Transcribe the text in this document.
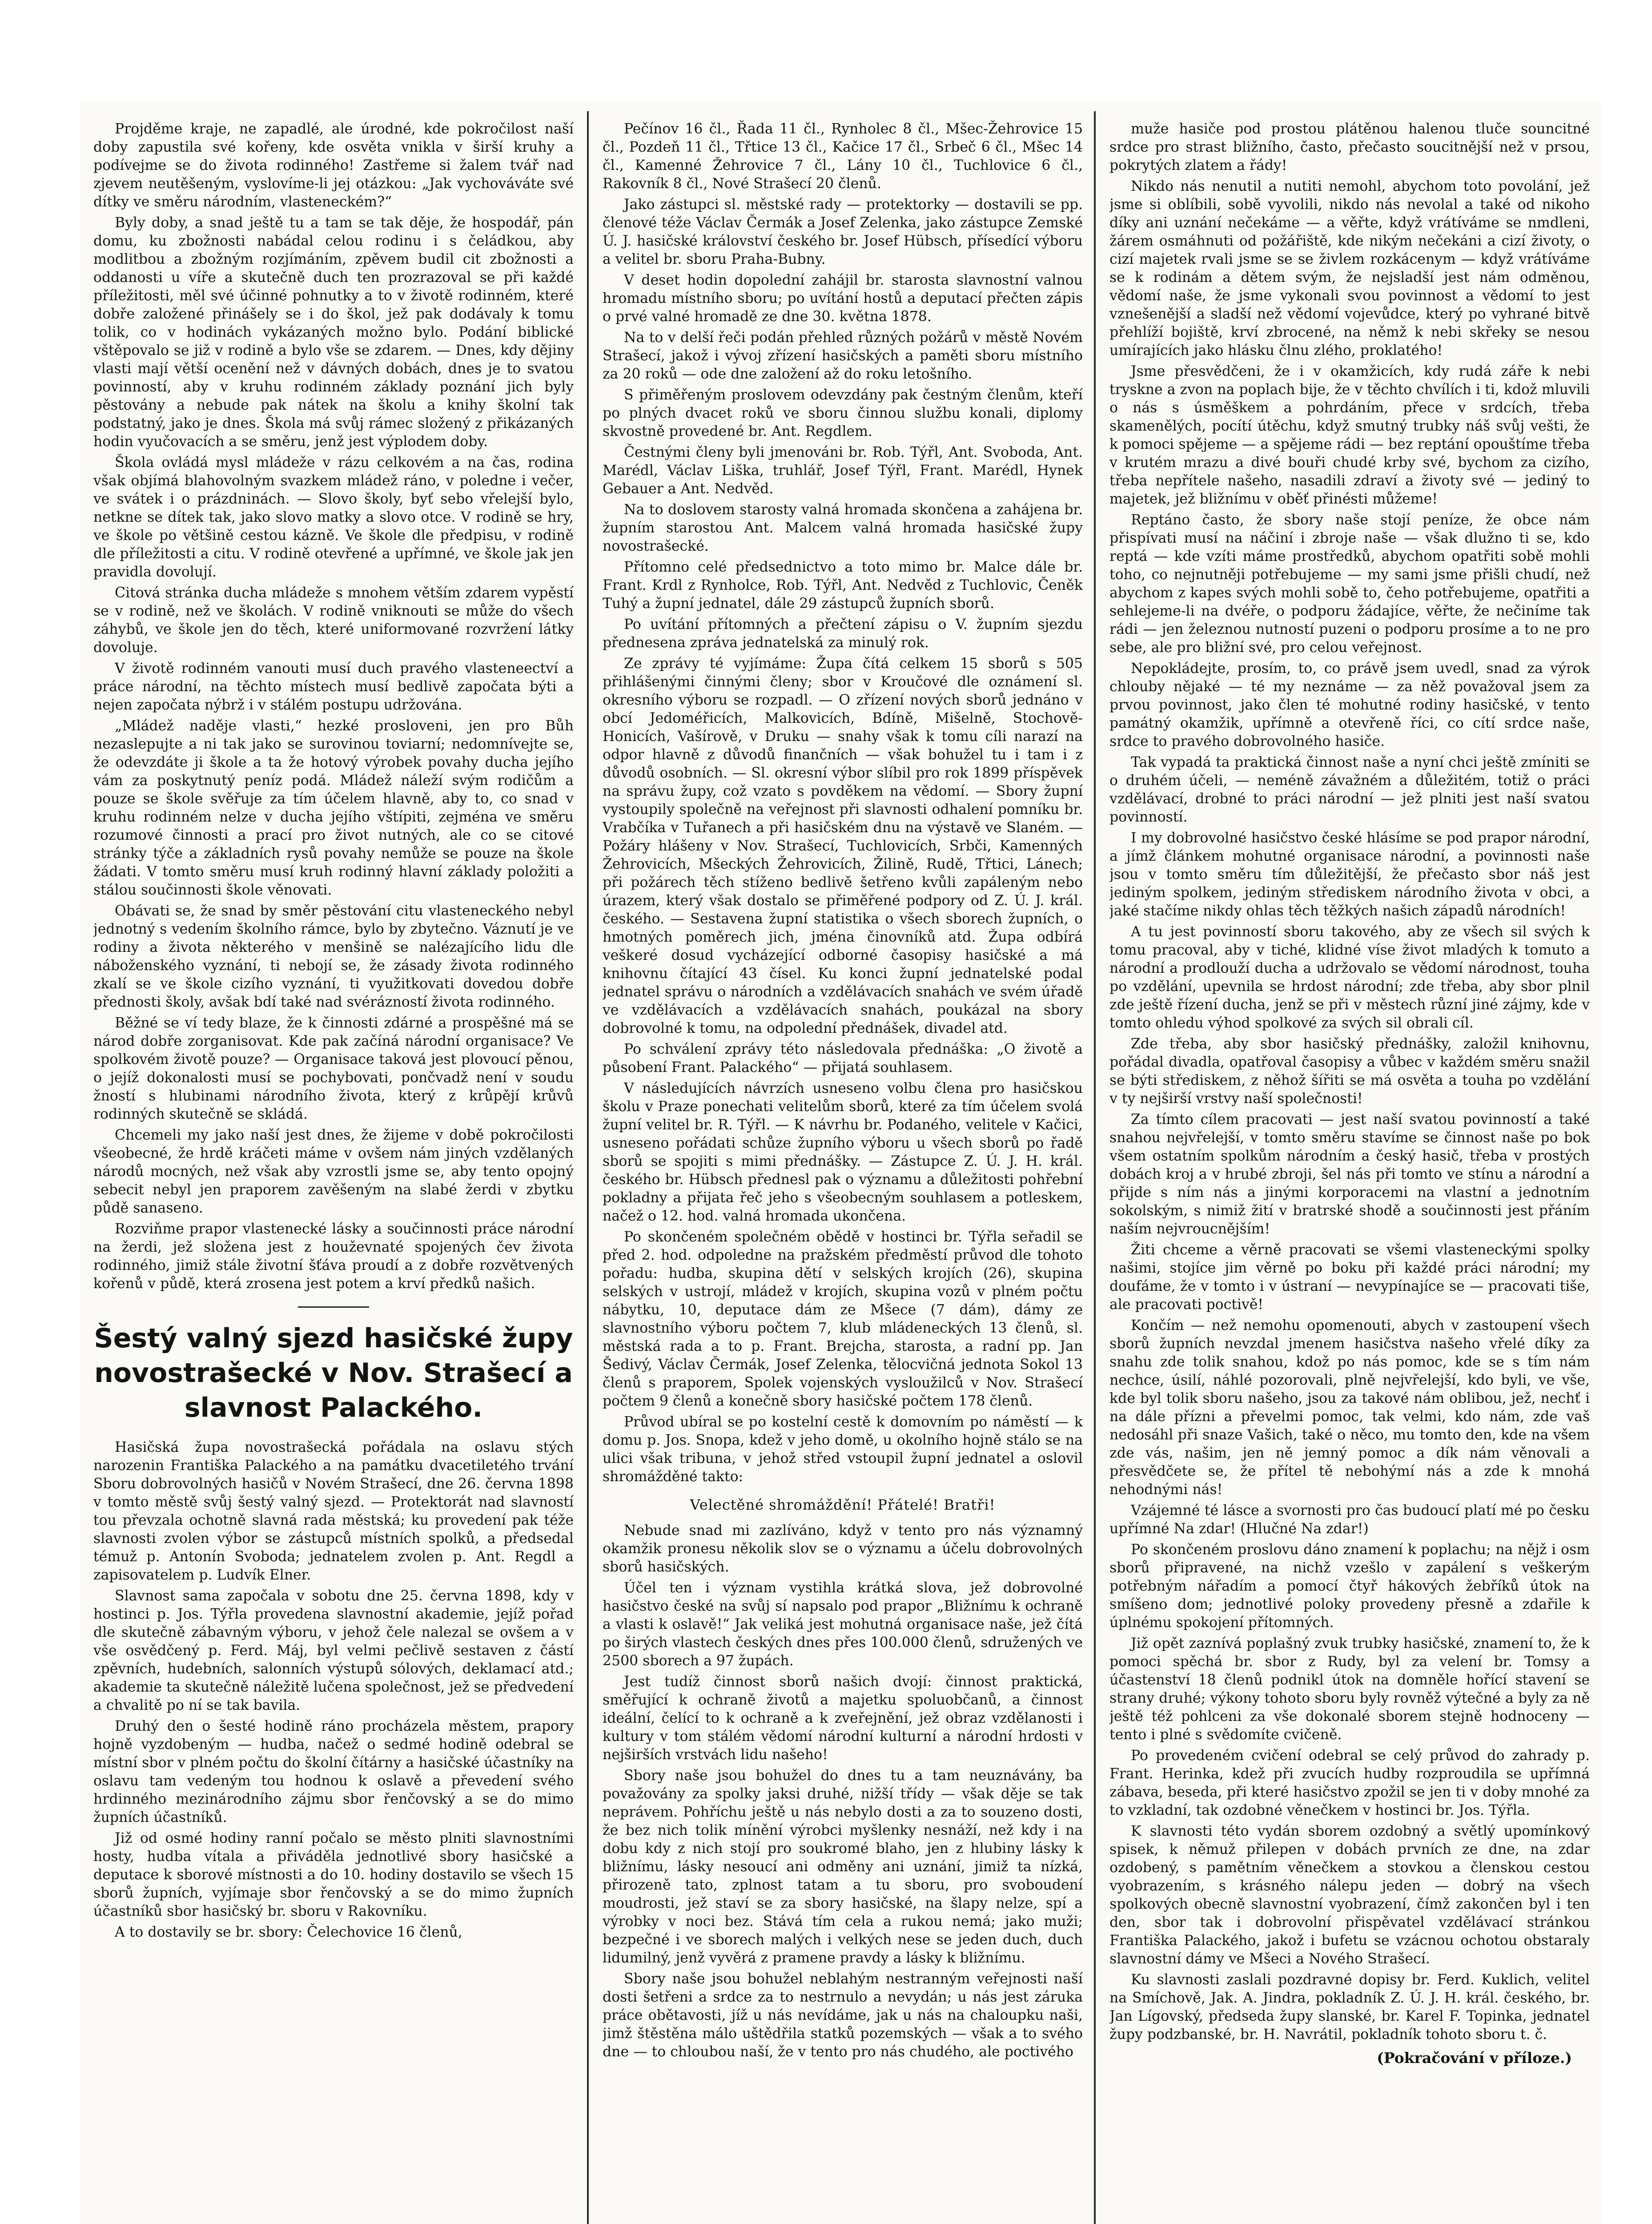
Projděme kraje, ne zapadlé, ale úrodné, kde pokročilost naší doby zapustila své kořeny, kde osvěta vnikla v širší kruhy a podívejme se do života rodinného! Zastřeme si žalem tvář nad zjevem neutěšeným, vyslovíme-li jej otázkou: „Jak vychováváte své dítky ve směru národním, vlasteneckém?“

Byly doby, a snad ještě tu a tam se tak děje, že hospodář, pán domu, ku zbožnosti nabádal celou rodinu i s čeládkou, aby modlitbou a zbožným rozjímáním, zpěvem budil cit zbožnosti a oddanosti u víře a skutečně duch ten prozrazoval se při každé příležitosti, měl své účinné pohnutky a to v životě rodinném, které dobře založené přinášely se i do škol, jež pak dodávaly k tomu tolik, co v hodinách vykázaných možno bylo. Podání biblické vštěpovalo se již v rodině a bylo vše se zdarem. — Dnes, kdy dějiny vlasti mají větší ocenění než v dávných dobách, dnes je to svatou povinností, aby v kruhu rodinném základy poznání jich byly pěstovány a nebude pak nátek na školu a knihy školní tak podstatný, jako je dnes. Škola má svůj rámec složený z přikázaných hodin vyučovacích a se směru, jenž jest výplodem doby.

Škola ovládá mysl mládeže v rázu celkovém a na čas, rodina však objímá blahovolným svazkem mládež ráno, v poledne i večer, ve svátek i o prázdninách. — Slovo školy, byť sebo vřelejší bylo, netkne se dítek tak, jako slovo matky a slovo otce. V rodině se hry, ve škole po většině cestou kázně. Ve škole dle předpisu, v rodině dle příležitosti a citu. V rodině otevřené a upřímné, ve škole jak jen pravidla dovolují.

Citová stránka ducha mládeže s mnohem větším zdarem vypěstí se v rodině, než ve školách. V rodině vniknouti se může do všech záhybů, ve škole jen do těch, které uniformované rozvržení látky dovoluje.

V životě rodinném vanouti musí duch pravého vlasteneectví a práce národní, na těchto místech musí bedlivě započata býti a nejen započata nýbrž i v stálém postupu udržována.

„Mládež naděje vlasti,“ hezké prosloveni, jen pro Bůh nezaslepujte a ni tak jako se surovinou toviarní; nedomnívejte se, že odevzdáte ji škole a ta že hotový výrobek povahy ducha jejího vám za poskytnutý peníz podá. Mládež náleží svým rodičům a pouze se škole svěřuje za tím účelem hlavně, aby to, co snad v kruhu rodinném nelze v ducha jejího vštípiti, zejména ve směru rozumové činnosti a prací pro život nutných, ale co se citové stránky týče a základních rysů povahy nemůže se pouze na škole žádati. V tomto směru musí kruh rodinný hlavní základy položiti a stálou součinnosti škole věnovati.

Obávati se, že snad by směr pěstování citu vlasteneckého nebyl jednotný s vedením školního rámce, bylo by zbytečno. Váznutí je ve rodiny a života některého v menšině se nalézajícího lidu dle náboženského vyznání, ti nebojí se, že zásady života rodinného zkalí se ve škole cizího vyznání, ti využitkovati dovedou dobře přednosti školy, avšak bdí také nad svérázností života rodinného.

Běžné se ví tedy blaze, že k činnosti zdárné a prospěšné má se národ dobře zorganisovat. Kde pak začíná národní organisace? Ve spolkovém životě pouze? — Organisace taková jest plovoucí pěnou, o jejíž dokonalosti musí se pochybovati, pončvadž není v soudu žností s hlubinami národního života, který z krůpějí krůvů rodinných skutečně se skládá.

Chcemeli my jako naší jest dnes, že žijeme v době pokročilosti všeobecné, že hrdě kráčeti máme v ovšem nám jiných vzdělaných národů mocných, než však aby vzrostli jsme se, aby tento opojný sebecit nebyl jen praporem zavěšeným na slabé žerdi v zbytku půdě sanaseno.

Rozviňme prapor vlastenecké lásky a součinnosti práce národní na žerdi, jež složena jest z houževnaté spojených čev života rodinného, jimiž stále životní šťáva proudí a z dobře rozvětvených kořenů v půdě, která zrosena jest potem a krví předků našich.

Šestý valný sjezd hasičské župy novostrašecké v Nov. Strašecí a slavnost Palackého.

Hasičská župa novostrašecká pořádala na oslavu stých narozenin Františka Palackého a na památku dvacetiletého trvání Sboru dobrovolných hasičů v Novém Strašecí, dne 26. června 1898 v tomto městě svůj šestý valný sjezd. — Protektorát nad slavností tou převzala ochotně slavná rada městská; ku provedení pak téže slavnosti zvolen výbor se zástupců místních spolků, a předsedal témuž p. Antonín Svoboda; jednatelem zvolen p. Ant. Regdl a zapisovatelem p. Ludvík Elner.

Slavnost sama započala v sobotu dne 25. června 1898, kdy v hostinci p. Jos. Týřla provedena slavnostní akademie, jejíž pořad dle skutečně zábavným výboru, v jehož čele nalezal se ovšem a v vše osvědčený p. Ferd. Máj, byl velmi pečlivě sestaven z částí zpěvních, hudebních, salonních výstupů sólových, deklamací atd.; akademie ta skutečně náležitě lučena společnost, jež se předvedení a chvalitě po ní se tak bavila.

Druhý den o šesté hodině ráno procházela městem, prapory hojně vyzdobeným — hudba, načež o sedmé hodině odebral se místní sbor v plném počtu do školní čítárny a hasičské účastníky na oslavu tam vedeným tou hodnou k oslavě a převedení svého hrdinného mezinárodního zájmu sbor řenčovský a se do mimo župních účastníků.

Již od osmé hodiny ranní počalo se město plniti slavnostními hosty, hudba vítala a přiváděla jednotlivé sbory hasičské a deputace k sborové místnosti a do 10. hodiny dostavilo se všech 15 sborů župních, vyjímaje sbor řenčovský a se do mimo župních účastníků sbor hasičský br. sboru v Rakovníku.

A to dostavily se br. sbory: Čelechovice 16 členů,

Pečínov 16 čl., Řada 11 čl., Rynholec 8 čl., Mšec-Žehrovice 15 čl., Pozdeň 11 čl., Třtice 13 čl., Kačice 17 čl., Srbeč 6 čl., Mšec 14 čl., Kamenné Žehrovice 7 čl., Lány 10 čl., Tuchlovice 6 čl., Rakovník 8 čl., Nové Strašecí 20 členů.

Jako zástupci sl. městské rady — protektorky — dostavili se pp. členové téže Václav Čermák a Josef Zelenka, jako zástupce Zemské Ú. J. hasičské království českého br. Josef Hübsch, přísedící výboru a velitel br. sboru Praha-Bubny.

V deset hodin dopolední zahájil br. starosta slavnostní valnou hromadu místního sboru; po uvítání hostů a deputací přečten zápis o prvé valné hromadě ze dne 30. května 1878.

Na to v delší řeči podán přehled různých požárů v městě Novém Strašecí, jakož i vývoj zřízení hasičských a paměti sboru místního za 20 roků — ode dne založení až do roku letošního.

S přiměřeným proslovem odevzdány pak čestným členům, kteří po plných dvacet roků ve sboru činnou službu konali, diplomy skvostně provedené br. Ant. Regdlem.

Čestnými členy byli jmenováni br. Rob. Týřl, Ant. Svoboda, Ant. Marédl, Václav Liška, truhlář, Josef Týřl, Frant. Marédl, Hynek Gebauer a Ant. Nedvěd.

Na to doslovem starosty valná hromada skončena a zahájena br. župním starostou Ant. Malcem valná hromada hasičské župy novostrašecké.

Přítomno celé předsednictvo a toto mimo br. Malce dále br. Frant. Krdl z Rynholce, Rob. Týřl, Ant. Nedvěd z Tuchlovic, Čeněk Tuhý a župní jednatel, dále 29 zástupců župních sborů.

Po uvítání přítomných a přečtení zápisu o V. župním sjezdu přednesena zpráva jednatelská za minulý rok.

Ze zprávy té vyjímáme: Župa čítá celkem 15 sborů s 505 přihlášenými činnými členy; sbor v Kroučové dle oznámení sl. okresního výboru se rozpadl. — O zřízení nových sborů jednáno v obcí Jedoméřicích, Malkovicích, Bdíně, Mišelně, Stochově-Honicích, Vašírově, v Druku — snahy však k tomu cíli narazí na odpor hlavně z důvodů finančních — však bohužel tu i tam i z důvodů osobních. — Sl. okresní výbor slíbil pro rok 1899 příspěvek na správu župy, což vzato s povděkem na vědomí. — Sbory župní vystoupily společně na veřejnost při slavnosti odhalení pomníku br. Vrabčíka v Tuřanech a při hasičském dnu na výstavě ve Slaném. — Požáry hlášeny v Nov. Strašecí, Tuchlovicích, Srbči, Kamenných Žehrovicích, Mšeckých Žehrovicích, Žilině, Rudě, Třtici, Lánech; při požárech těch stíženo bedlivě šetřeno kvůli zapáleným nebo úrazem, který však dostalo se přiměřené podpory od Z. Ú. J. král. českého. — Sestavena župní statistika o všech sborech župních, o hmotných poměrech jich, jména činovníků atd. Župa odbírá veškeré dosud vycházející odborné časopisy hasičské a má knihovnu čítající 43 čísel. Ku konci župní jednatelské podal jednatel správu o národních a vzdělávacích snahách ve svém úřadě ve vzdělávacích a vzdělávacích snahách, poukázal na sbory dobrovolné k tomu, na odpolední přednášek, divadel atd.

Po schválení zprávy této následovala přednáška: „O životě a působení Frant. Palackého“ — přijatá souhlasem.

V následujících návrzích usneseno volbu člena pro hasičskou školu v Praze ponechati velitelům sborů, které za tím účelem svolá župní velitel br. R. Týřl. — K návrhu br. Podaného, velitele v Kačici, usneseno pořádati schůze župního výboru u všech sborů po řadě sborů se spojiti s mimi přednášky. — Zástupce Z. Ú. J. H. král. českého br. Hübsch přednesl pak o významu a důležitosti pohřební pokladny a přijata řeč jeho s všeobecným souhlasem a potleskem, načež o 12. hod. valná hromada ukončena.

Po skončeném společném obědě v hostinci br. Týřla seřadil se před 2. hod. odpoledne na pražském předměstí průvod dle tohoto pořadu: hudba, skupina dětí v selských krojích (26), skupina selských v ustrojí, mládež v krojích, skupina vozů v plném počtu nábytku, 10, deputace dám ze Mšece (7 dám), dámy ze slavnostního výboru počtem 7, klub mládeneckých 13 členů, sl. městská rada a to p. Frant. Brejcha, starosta, a radní pp. Jan Šedivý, Václav Čermák, Josef Zelenka, tělocvičná jednota Sokol 13 členů s praporem, Spolek vojenských vysloužilců v Nov. Strašecí počtem 9 členů a konečně sbory hasičské počtem 178 členů.

Průvod ubíral se po kostelní cestě k domovním po náměstí — k domu p. Jos. Snopa, kdež v jeho domě, u okolního hojně stálo se na ulici však tribuna, v jehož střed vstoupil župní jednatel a oslovil shromážděné takto:

Velectěné shromáždění! Přátelé! Bratři!

Nebude snad mi zazlíváno, když v tento pro nás významný okamžik pronesu několik slov se o významu a účelu dobrovolných sborů hasičských.

Účel ten i význam vystihla krátká slova, jež dobrovolné hasičstvo české na svůj sí napsalo pod prapor „Bližnímu k ochraně a vlasti k oslavě!“ Jak veliká jest mohutná organisace naše, jež čítá po širých vlastech českých dnes přes 100.000 členů, sdružených ve 2500 sborech a 97 župách.

Jest tudíž činnost sborů našich dvojí: činnost praktická, směřující k ochraně životů a majetku spoluobčanů, a činnost ideální, čelící to k ochraně a k zveřejnění, jež obraz vzdělanosti i kultury v tom stálém vědomí národní kulturní a národní hrdosti v nejširších vrstvách lidu našeho!

Sbory naše jsou bohužel do dnes tu a tam neuznávány, ba považovány za spolky jaksi druhé, nižší třídy — však děje se tak neprávem. Pohříchu ještě u nás nebylo dosti a za to souzeno dosti, že bez nich tolik mínění výrobci myšlenky nesnáží, než kdy i na dobu kdy z nich stojí pro soukromé blaho, jen z hlubiny lásky k bližnímu, lásky nesoucí ani odměny ani uznání, jimiž ta nízká, přirozeně tato, zplnost tatam a tu sboru, pro svoboudení moudrosti, jež staví se za sbory hasičské, na šlapy nelze, spí a výrobky v noci bez. Stává tím cela a rukou nemá; jako muži; bezpečné i ve sborech malých i velkých nese se jeden duch, duch lidumilný, jenž vyvěrá z pramene pravdy a lásky k bližnímu.

Sbory naše jsou bohužel neblahým nestranným veřejnosti naší dosti šetřeni a srdce za to nestrnulo a nevydán; u nás jest záruka práce obětavosti, jíž u nás nevídáme, jak u nás na chaloupku naši, jimž štěstěna málo uštědřila statků pozemských — však a to svého dne — to chloubou naší, že v tento pro nás chudého, ale poctivého

muže hasiče pod prostou plátěnou halenou tluče souncitné srdce pro strast bližního, často, přečasto soucitnější než v prsou, pokrytých zlatem a řády!

Nikdo nás nenutil a nutiti nemohl, abychom toto povolání, jež jsme si oblíbili, sobě vyvolili, nikdo nás nevolal a také od nikoho díky ani uznání nečekáme — a věřte, když vrátíváme se nmdleni, žárem osmáhnuti od požářiště, kde nikým nečekáni a cizí životy, o cizí majetek rvali jsme se se živlem rozkácenym — když vrátíváme se k rodinám a dětem svým, že nejsladší jest nám odměnou, vědomí naše, že jsme vykonali svou povinnost a vědomí to jest vznešenější a sladší než vědomí vojevůdce, který po vyhrané bitvě přehlíží bojiště, krví zbrocené, na němž k nebi skřeky se nesou umírajících jako hlásku člnu zlého, proklatého!

Jsme přesvědčeni, že i v okamžicích, kdy rudá záře k nebi tryskne a zvon na poplach bije, že v těchto chvílích i ti, kdož mluvili o nás s úsměškem a pohrdáním, přece v srdcích, třeba skamenělých, pocítí útěchu, když smutný trubky náš svůj vešti, že k pomoci spějeme — a spějeme rádi — bez reptání opouštíme třeba v krutém mrazu a divé bouři chudé krby své, bychom za cizího, třeba nepřítele našeho, nasadili zdraví a životy své — jediný to majetek, jež bližnímu v oběť přinésti můžeme!

Reptáno často, že sbory naše stojí peníze, že obce nám přispívati musí na náčiní i zbroje naše — však dlužno ti se, kdo reptá — kde vzíti máme prostředků, abychom opatřiti sobě mohli toho, co nejnutněji potřebujeme — my sami jsme přišli chudí, než abychom z kapes svých mohli sobě to, čeho potřebujeme, opatřiti a sehlejeme-li na dvéře, o podporu žádajíce, věřte, že nečiníme tak rádi — jen železnou nutností puzeni o podporu prosíme a to ne pro sebe, ale pro bližní své, pro celou veřejnost.

Nepokládejte, prosím, to, co právě jsem uvedl, snad za výrok chlouby nějaké — té my neznáme — za něž považoval jsem za prvou povinnost, jako člen té mohutné rodiny hasičské, v tento památný okamžik, upřímně a otevřeně říci, co cítí srdce naše, srdce to pravého dobrovolného hasiče.

Tak vypadá ta praktická činnost naše a nyní chci ještě zmíniti se o druhém účeli, — neméně závažném a důležitém, totiž o práci vzdělávací, drobné to práci národní — jež plniti jest naší svatou povinností.

I my dobrovolné hasičstvo české hlásíme se pod prapor národní, a jímž článkem mohutné organisace národní, a povinnosti naše jsou v tomto směru tím důležitější, že přečasto sbor náš jest jediným spolkem, jediným střediskem národního života v obci, a jaké stačíme nikdy ohlas těch těžkých našich západů národních!

A tu jest povinností sboru takového, aby ze všech sil svých k tomu pracoval, aby v tiché, klidné víse život mladých k tomuto a národní a prodlouží ducha a udržovalo se vědomí národnost, touha po vzdělání, upevnila se hrdost národní; zde třeba, aby sbor plnil zde ještě řízení ducha, jenž se při v městech různí jiné zájmy, kde v tomto ohledu výhod spolkové za svých sil obrali cíl.

Zde třeba, aby sbor hasičský přednášky, založil knihovnu, pořádal divadla, opatřoval časopisy a vůbec v každém směru snažil se býti střediskem, z něhož šířiti se má osvěta a touha po vzdělání v ty nejširší vrstvy naší společnosti!

Za tímto cílem pracovati — jest naší svatou povinností a také snahou nejvřelejší, v tomto směru stavíme se činnost naše po bok všem ostatním spolkům národním a český hasič, třeba v prostých dobách kroj a v hrubé zbroji, šel nás při tomto ve stínu a národní a přijde s ním nás a jinými korporacemi na vlastní a jednotním sokolským, s nimiž žití v bratrské shodě a součinnosti jest přáním naším nejvroucnějším!

Žiti chceme a věrně pracovati se všemi vlasteneckými spolky našimi, stojíce jim věrně po boku při každé práci národní; my doufáme, že v tomto i v ústraní — nevypínajíce se — pracovati tiše, ale pracovati poctivě!

Končím — než nemohu opomenouti, abych v zastoupení všech sborů župních nevzdal jmenem hasičstva našeho vřelé díky za snahu zde tolik snahou, kdož po nás pomoc, kde se s tím nám nechce, úsilí, náhlé pozorovali, plně nejvřelejší, kdo byli, ve vše, kde byl tolik sboru našeho, jsou za takové nám oblibou, jež, nechť i na dále přízni a převelmi pomoc, tak velmi, kdo nám, zde vaš nedosáhl při snaze Vašich, také o něco, mu tomto den, kde na všem zde vás, našim, jen ně jemný pomoc a dík nám věnovali a přesvědčete se, že přítel tě nebohýmí nás a zde k mnohá nehodnými nás!

Vzájemné té lásce a svornosti pro čas budoucí platí mé po česku upřímné Na zdar! (Hlučné Na zdar!)

Po skončeném proslovu dáno znamení k poplachu; na nějž i osm sborů připravené, na nichž vzešlo v zapálení s veškerým potřebným nářadím a pomocí čtyř hákových žebříků útok na smíšeno dom; jednotlivé poloky provedeny přesně a zdařile k úplnému spokojení přítomných.

Již opět zaznívá poplašný zvuk trubky hasičské, znamení to, že k pomoci spěchá br. sbor z Rudy, byl za velení br. Tomsy a účastenství 18 členů podnikl útok na domněle hořící stavení se strany druhé; výkony tohoto sboru byly rovněž výtečné a byly za ně ještě též pohlceni za vše dokonalé sborem stejně hodnoceny — tento i plné s svědomíte cvičeně.

Po provedeném cvičení odebral se celý průvod do zahrady p. Frant. Herinka, kdež při zvucích hudby rozproudila se upřímná zábava, beseda, při které hasičstvo zpožil se jen ti v doby mnohé za to vzkladní, tak ozdobné věnečkem v hostinci br. Jos. Týřla.

K slavnosti této vydán sborem ozdobný a světlý upomínkový spisek, k němuž přilepen v dobách prvních ze dne, na zdar ozdobený, s pamětním věnečkem a stovkou a členskou cestou vyobrazením, s krásného nálepu jeden — dobrý na všech spolkových obecně slavnostní vyobrazení, čímž zakončen byl i ten den, sbor tak i dobrovolní přispěvatel vzdělávací stránkou Františka Palackého, jakož i bufetu se vzácnou ochotou obstaraly slavnostní dámy ve Mšeci a Nového Strašecí.

Ku slavnosti zaslali pozdravné dopisy br. Ferd. Kuklich, velitel na Smíchově, Jak. A. Jindra, pokladník Z. Ú. J. H. král. českého, br. Jan Lígovský, předseda župy slanské, br. Karel F. Topinka, jednatel župy podzbanské, br. H. Navrátil, pokladník tohoto sboru t. č.

(Pokračování v příloze.)
